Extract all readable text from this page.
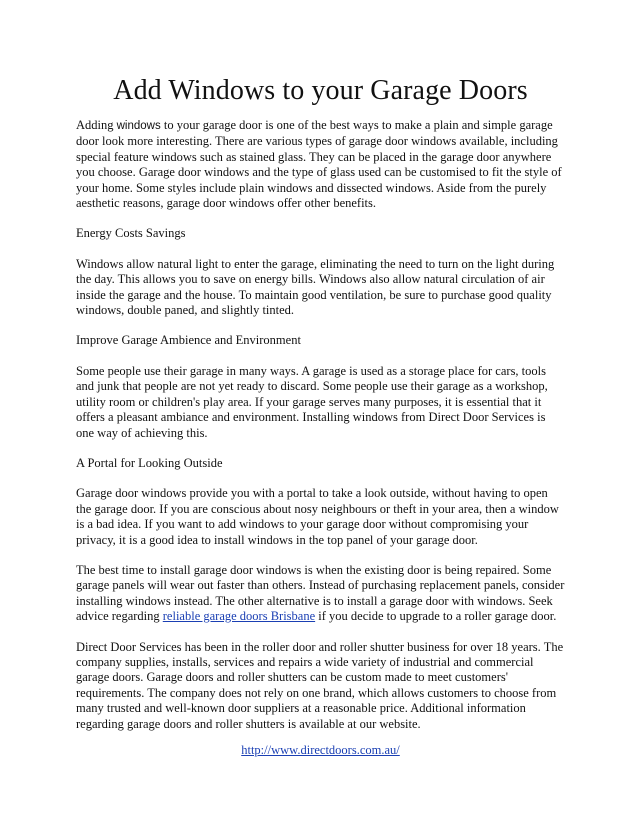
Add Windows to your Garage Doors

Adding windows to your garage door is one of the best ways to make a plain and simple garage door look more interesting. There are various types of garage door windows available, including special feature windows such as stained glass. They can be placed in the garage door anywhere you choose. Garage door windows and the type of glass used can be customised to fit the style of your home. Some styles include plain windows and dissected windows. Aside from the purely aesthetic reasons, garage door windows offer other benefits.

Energy Costs Savings

Windows allow natural light to enter the garage, eliminating the need to turn on the light during the day. This allows you to save on energy bills. Windows also allow natural circulation of air inside the garage and the house. To maintain good ventilation, be sure to purchase good quality windows, double paned, and slightly tinted.

Improve Garage Ambience and Environment

Some people use their garage in many ways. A garage is used as a storage place for cars, tools and junk that people are not yet ready to discard. Some people use their garage as a workshop, utility room or children's play area. If your garage serves many purposes, it is essential that it offers a pleasant ambiance and environment. Installing windows from Direct Door Services is one way of achieving this.

A Portal for Looking Outside

Garage door windows provide you with a portal to take a look outside, without having to open the garage door. If you are conscious about nosy neighbours or theft in your area, then a window is a bad idea. If you want to add windows to your garage door without compromising your privacy, it is a good idea to install windows in the top panel of your garage door.

The best time to install garage door windows is when the existing door is being repaired. Some garage panels will wear out faster than others. Instead of purchasing replacement panels, consider installing windows instead. The other alternative is to install a garage door with windows. Seek advice regarding reliable garage doors Brisbane if you decide to upgrade to a roller garage door.

Direct Door Services has been in the roller door and roller shutter business for over 18 years. The company supplies, installs, services and repairs a wide variety of industrial and commercial garage doors. Garage doors and roller shutters can be custom made to meet customers' requirements. The company does not rely on one brand, which allows customers to choose from many trusted and well-known door suppliers at a reasonable price. Additional information regarding garage doors and roller shutters is available at our website.

http://www.directdoors.com.au/
